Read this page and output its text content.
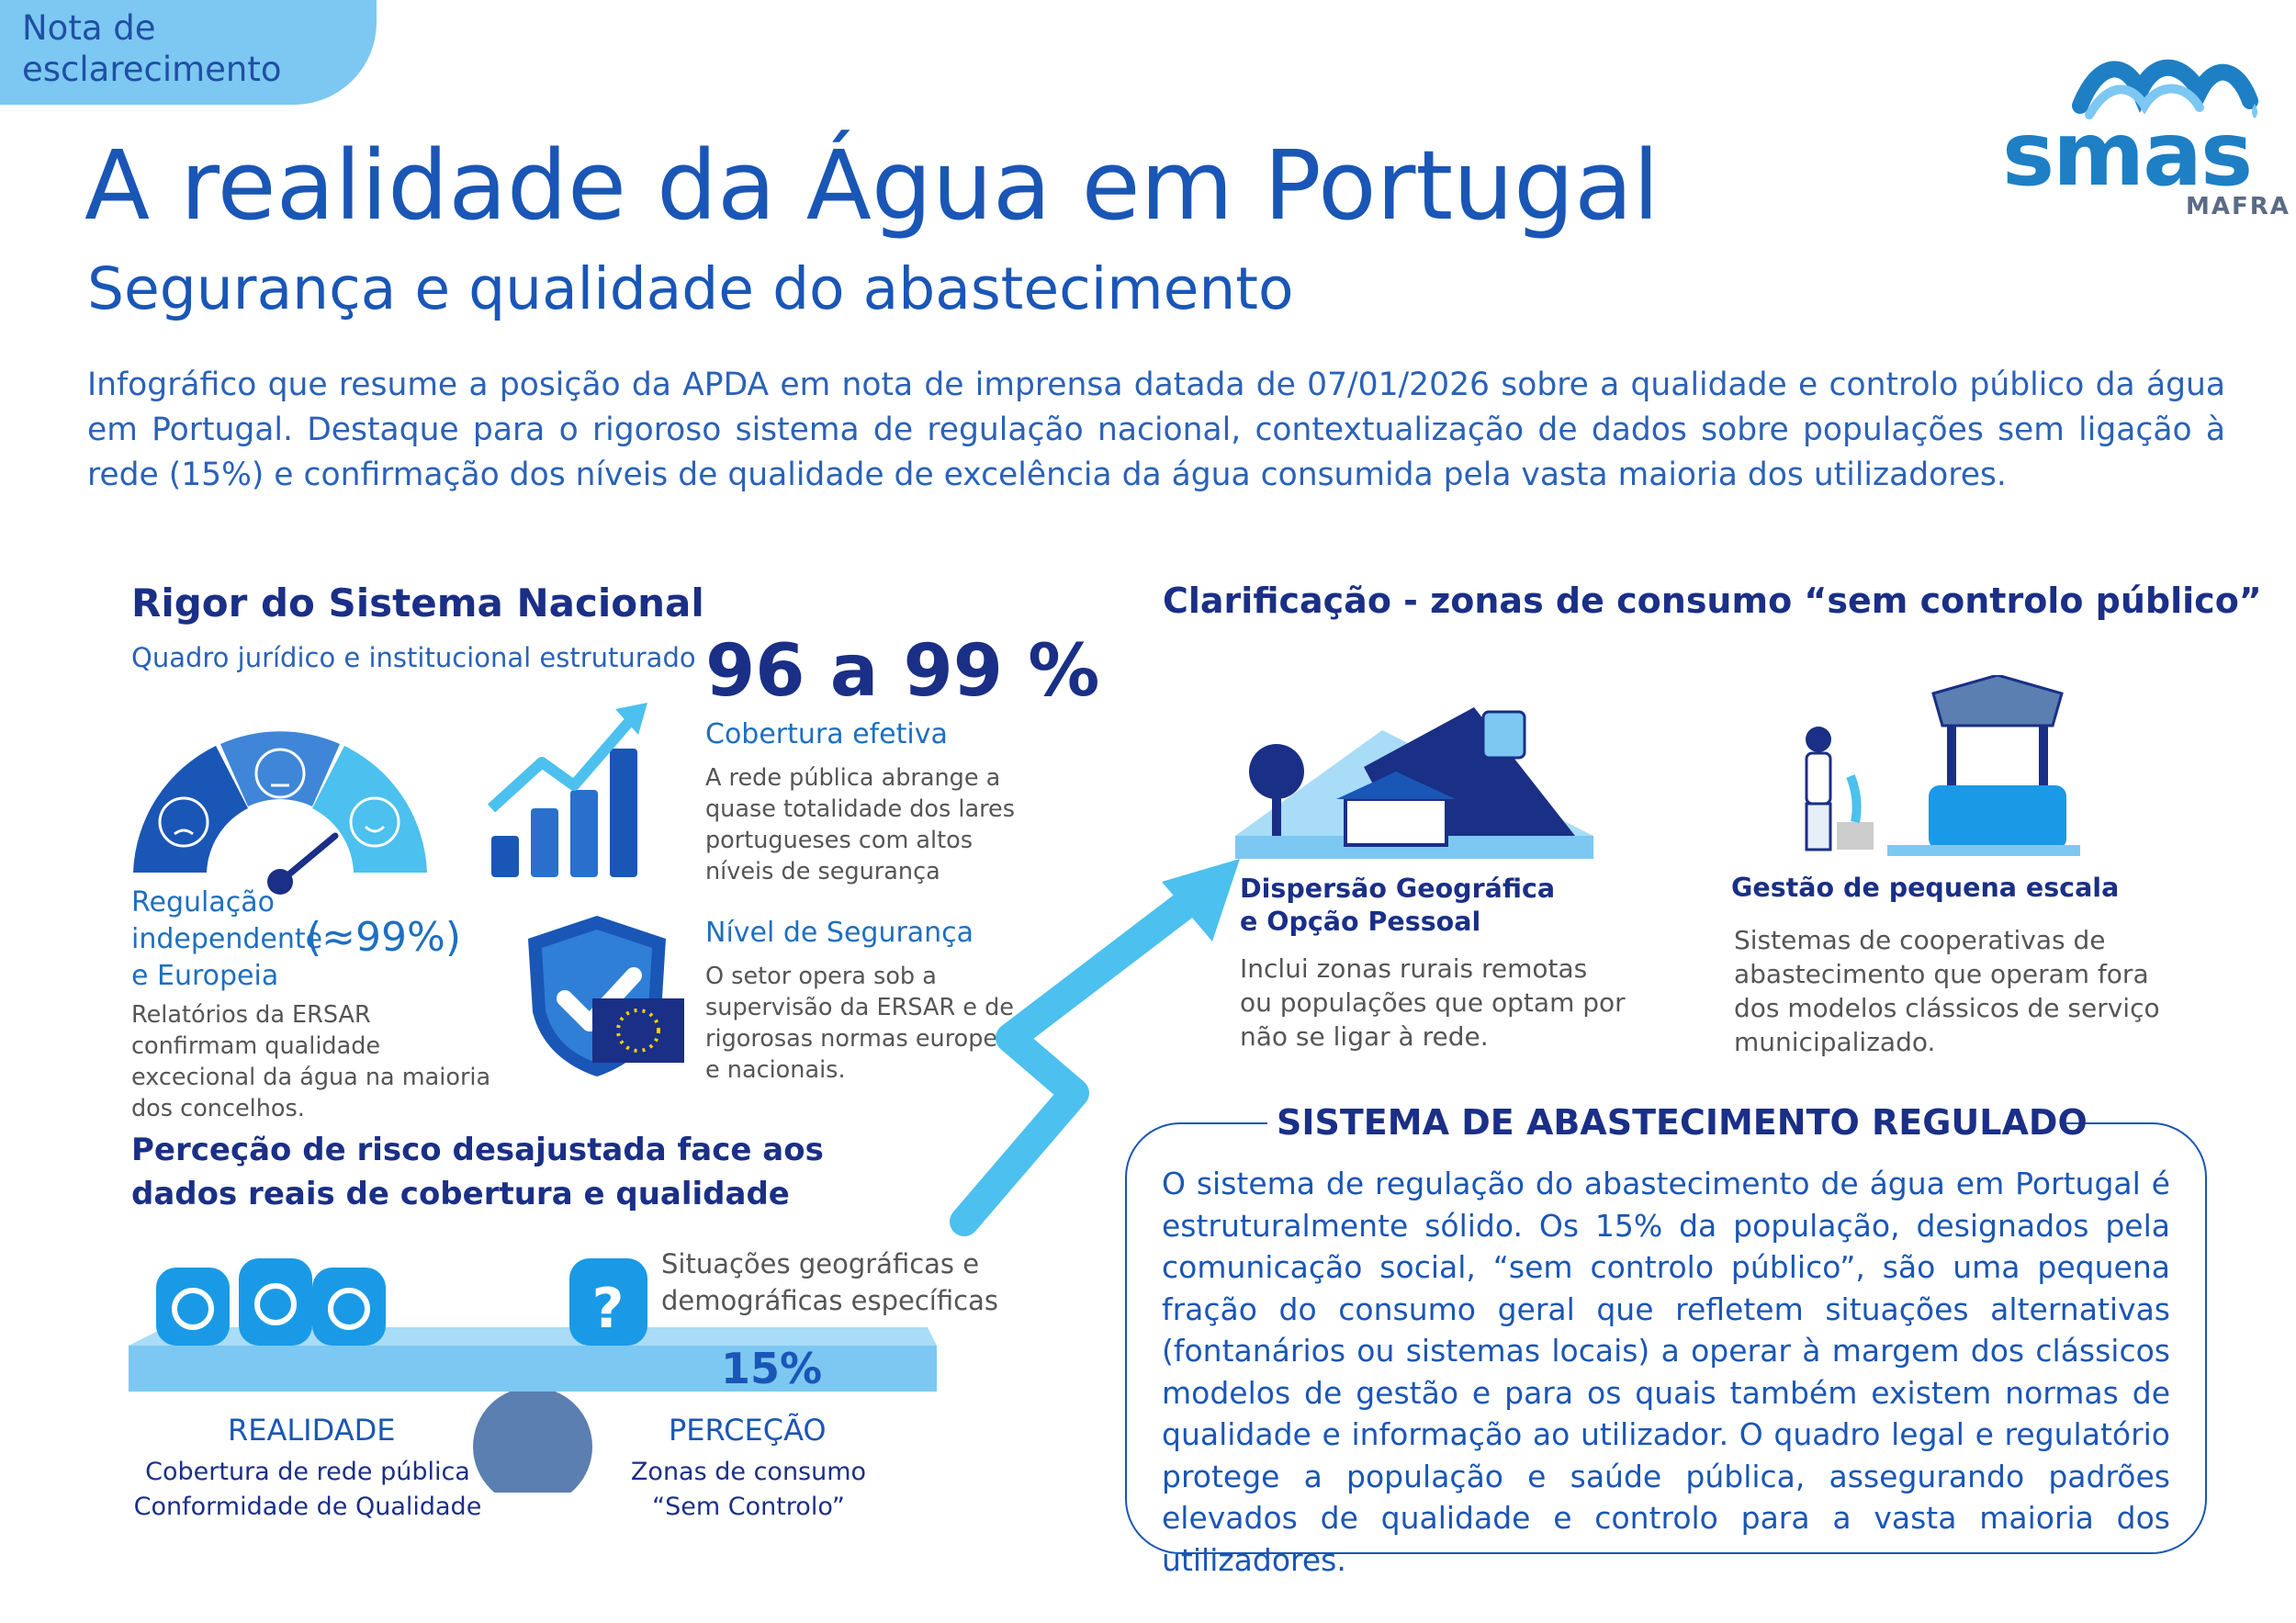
Nota de
esclarecimento
smas
MAFRA
A realidade da Água em Portugal
Segurança e qualidade do abastecimento
Infográfico que resume a posição da APDA em nota de imprensa datada de 07/01/2026 sobre a qualidade e controlo público da água em Portugal. Destaque para o rigoroso sistema de regulação nacional, contextualização de dados sobre populações sem ligação à rede (15%) e confirmação dos níveis de qualidade de excelência da água consumida pela vasta maioria dos utilizadores.
Rigor do Sistema Nacional
Quadro jurídico e institucional estruturado 96 a 99 %
Cobertura efetiva
A rede pública abrange a quase totalidade dos lares portugueses com altos níveis de segurança
Regulação independente e Europeia
(≈99%)
Relatórios da ERSAR confirmam qualidade excecional da água na maioria dos concelhos.
Nível de Segurança
O setor opera sob a supervisão da ERSAR e de rigorosas normas europeias e nacionais.
Perceção de risco desajustada face aos dados reais de cobertura e qualidade
Situações geográficas e demográficas específicas
?
15%
REALIDADE
Cobertura de rede pública Conformidade de Qualidade
PERCEÇÃO
Zonas de consumo “Sem Controlo”
Clarificação - zonas de consumo “sem controlo público”
Dispersão Geográfica e Opção Pessoal
Inclui zonas rurais remotas ou populações que optam por não se ligar à rede.
Gestão de pequena escala
Sistemas de cooperativas de abastecimento que operam fora dos modelos clássicos de serviço municipalizado.
SISTEMA DE ABASTECIMENTO REGULADO
O sistema de regulação do abastecimento de água em Portugal é estruturalmente sólido. Os 15% da população, designados pela comunicação social, “sem controlo público”, são uma pequena fração do consumo geral que refletem situações alternativas (fontanários ou sistemas locais) a operar à margem dos clássicos modelos de gestão e para os quais também existem normas de qualidade e informação ao utilizador. O quadro legal e regulatório protege a população e saúde pública, assegurando padrões elevados de qualidade e controlo para a vasta maioria dos utilizadores.
